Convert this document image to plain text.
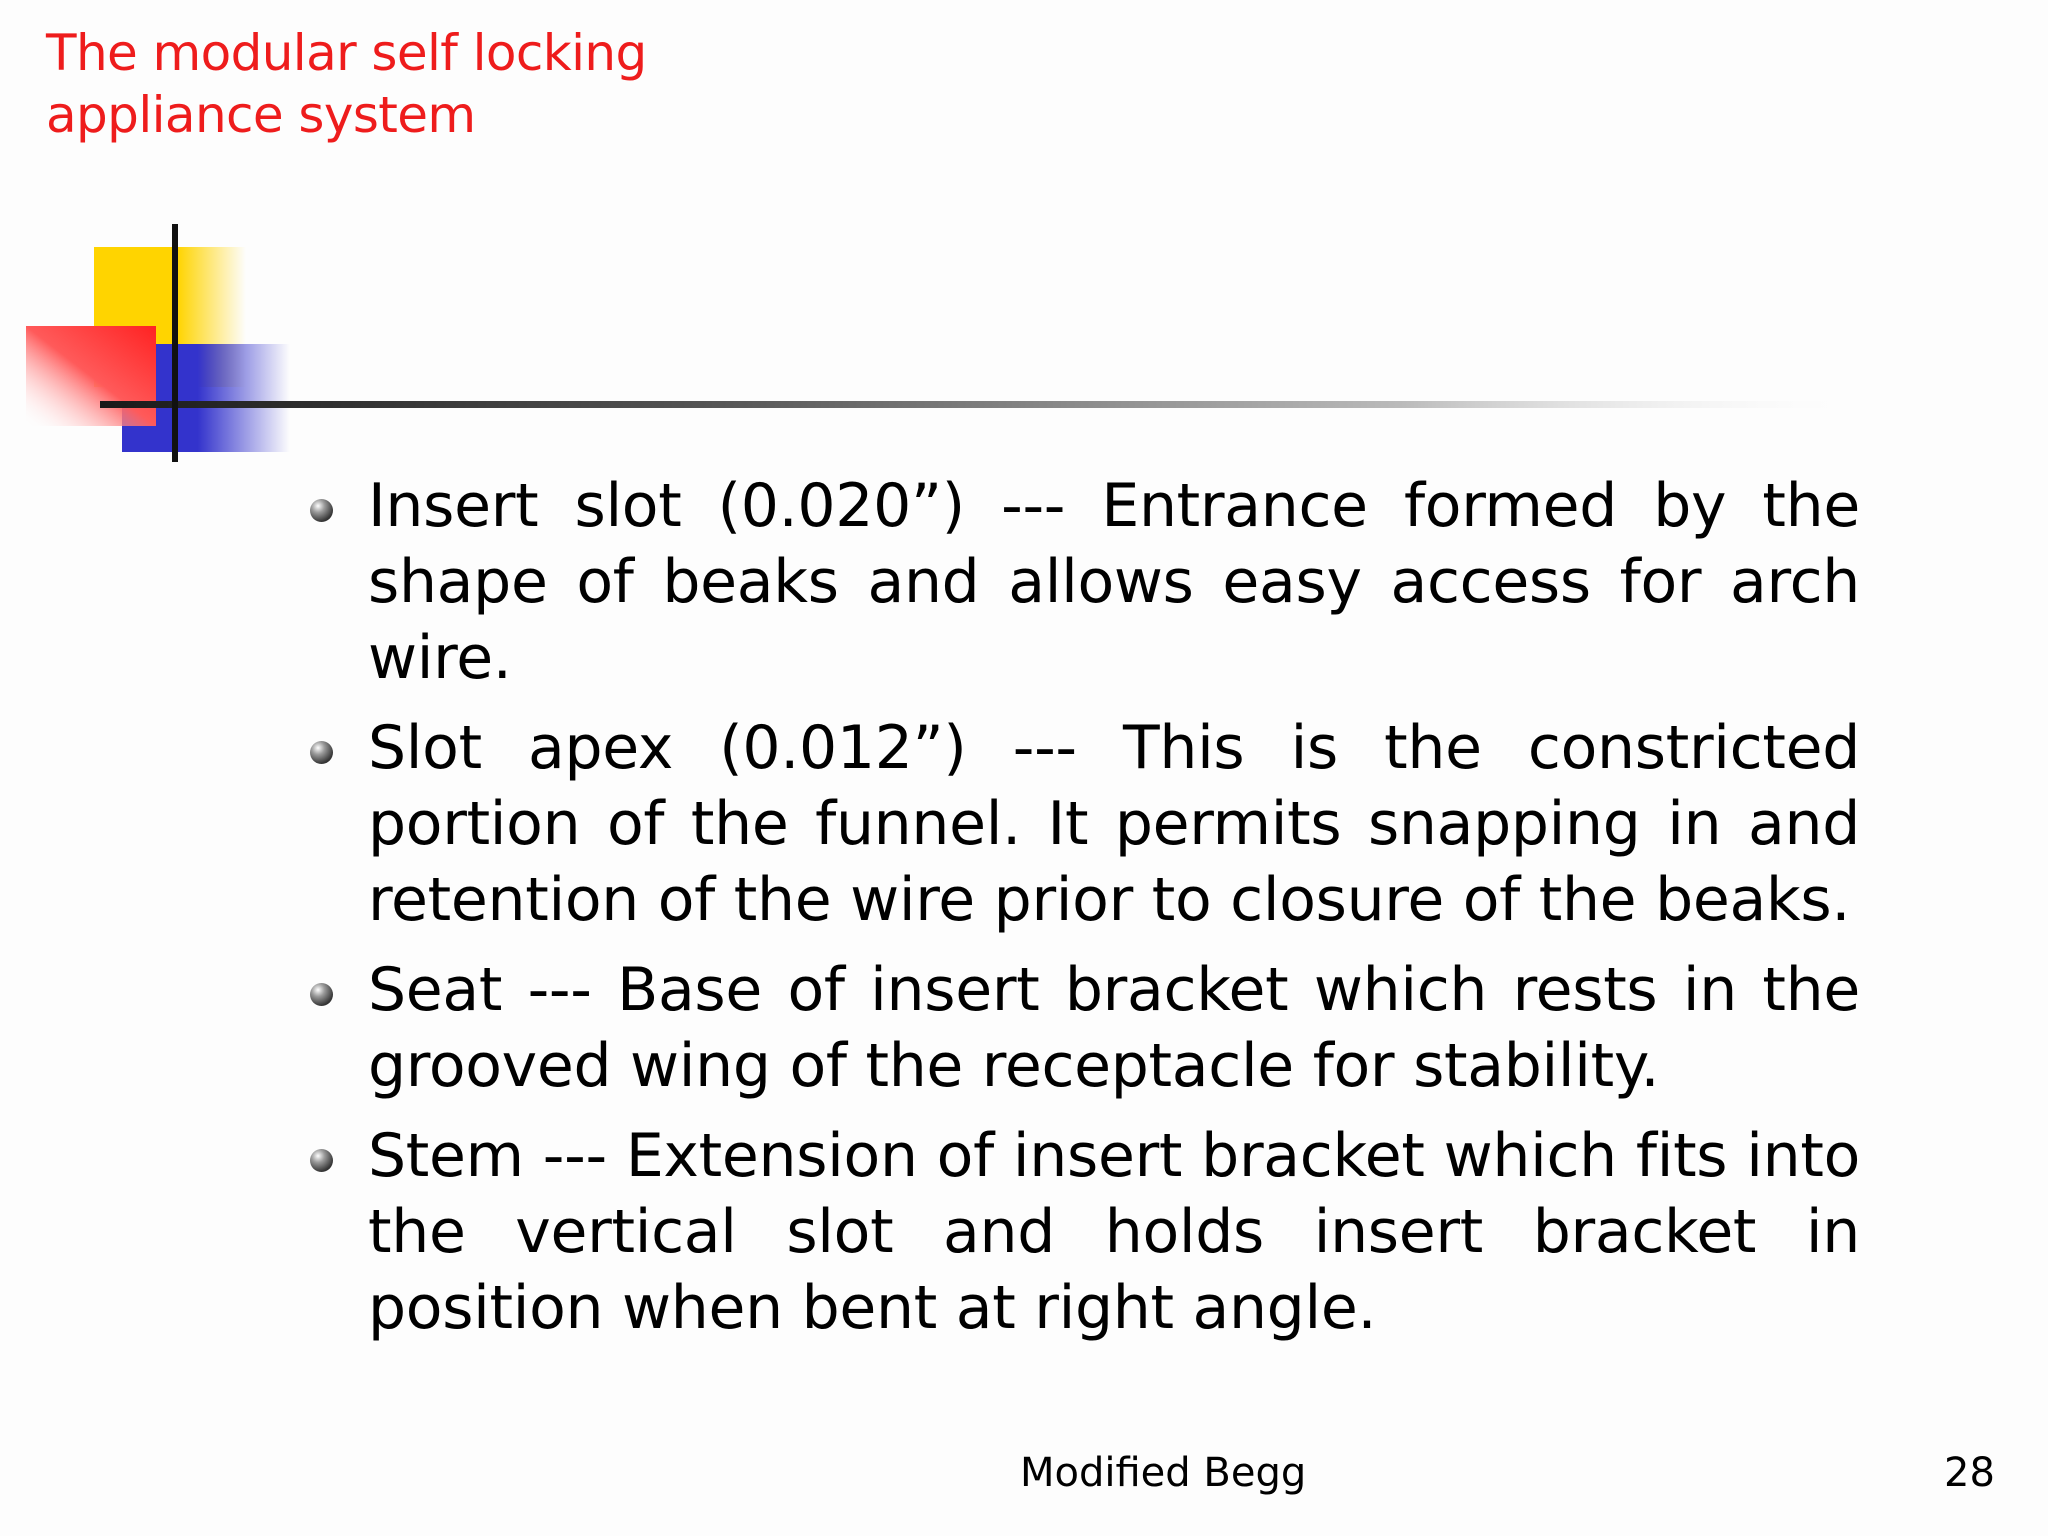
The modular self locking appliance system
Insert slot (0.020”) --- Entrance formed by the shape of beaks and allows easy access for arch wire.
Slot apex (0.012”) --- This is the constricted portion of the funnel. It permits snapping in and retention of the wire prior to closure of the beaks.
Seat --- Base of insert bracket which rests in the grooved wing of the receptacle for stability.
Stem --- Extension of insert bracket which fits into the vertical slot and holds insert bracket in position when bent at right angle.
Modified Begg	28
